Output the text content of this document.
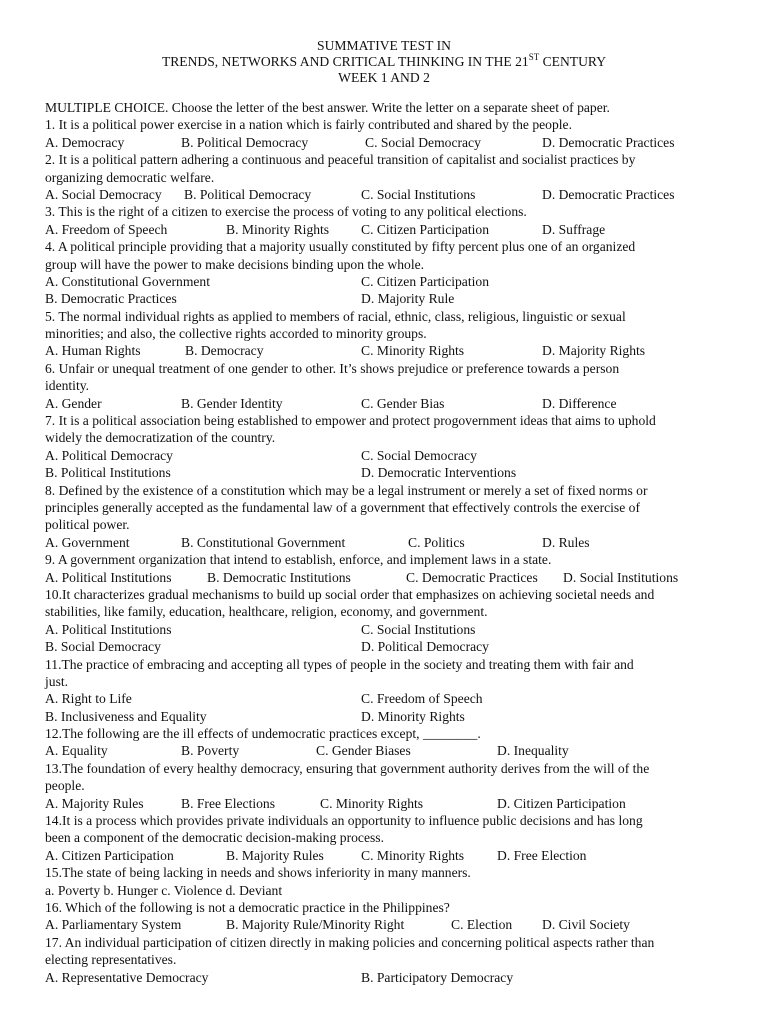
SUMMATIVE TEST IN
TRENDS, NETWORKS AND CRITICAL THINKING IN THE 21ST CENTURY
WEEK 1 AND 2
MULTIPLE CHOICE. Choose the letter of the best answer. Write the letter on a separate sheet of paper.
1. It is a political power exercise in a nation which is fairly contributed and shared by the people.
A. Democracy	B. Political Democracy	C. Social Democracy	D. Democratic Practices
2. It is a political pattern adhering a continuous and peaceful transition of capitalist and socialist practices by
organizing democratic welfare.
A. Social Democracy B. Political Democracy	C. Social Institutions	D. Democratic Practices
3. This is the right of a citizen to exercise the process of voting to any political elections.
A. Freedom of Speech	B. Minority Rights C. Citizen Participation	D. Suffrage
4. A political principle providing that a majority usually constituted by fifty percent plus one of an organized
group will have the power to make decisions binding upon the whole.
A. Constitutional Government	C. Citizen Participation
B. Democratic Practices	D. Majority Rule
5. The normal individual rights as applied to members of racial, ethnic, class, religious, linguistic or sexual
minorities; and also, the collective rights accorded to minority groups.
A. Human Rights	B. Democracy	C. Minority Rights	D. Majority Rights
6. Unfair or unequal treatment of one gender to other. It’s shows prejudice or preference towards a person
identity.
A. Gender	B. Gender Identity	C. Gender Bias	D. Difference
7. It is a political association being established to empower and protect progovernment ideas that aims to uphold
widely the democratization of the country.
A. Political Democracy	C. Social Democracy
B. Political Institutions	D. Democratic Interventions
8. Defined by the existence of a constitution which may be a legal instrument or merely a set of fixed norms or
principles generally accepted as the fundamental law of a government that effectively controls the exercise of
political power.
A. Government	B. Constitutional Government	C. Politics	D. Rules
9. A government organization that intend to establish, enforce, and implement laws in a state.
A. Political Institutions	B. Democratic Institutions	C. Democratic Practices D. Social Institutions
10.It characterizes gradual mechanisms to build up social order that emphasizes on achieving societal needs and
stabilities, like family, education, healthcare, religion, economy, and government.
A. Political Institutions	C. Social Institutions
B. Social Democracy	D. Political Democracy
11.The practice of embracing and accepting all types of people in the society and treating them with fair and
just.
A. Right to Life	C. Freedom of Speech
B. Inclusiveness and Equality	D. Minority Rights
12.The following are the ill effects of undemocratic practices except, ________.
A. Equality	B. Poverty	C. Gender Biases	D. Inequality
13.The foundation of every healthy democracy, ensuring that government authority derives from the will of the
people.
A. Majority Rules	B. Free Elections	C. Minority Rights	D. Citizen Participation
14.It is a process which provides private individuals an opportunity to influence public decisions and has long
been a component of the democratic decision-making process.
A. Citizen Participation	B. Majority Rules	C. Minority Rights D. Free Election
15.The state of being lacking in needs and shows inferiority in many manners.
a. Poverty b. Hunger c. Violence d. Deviant
16. Which of the following is not a democratic practice in the Philippines?
A. Parliamentary System	B. Majority Rule/Minority Right	C. Election D. Civil Society
17. An individual participation of citizen directly in making policies and concerning political aspects rather than
electing representatives.
A. Representative Democracy	B. Participatory Democracy
